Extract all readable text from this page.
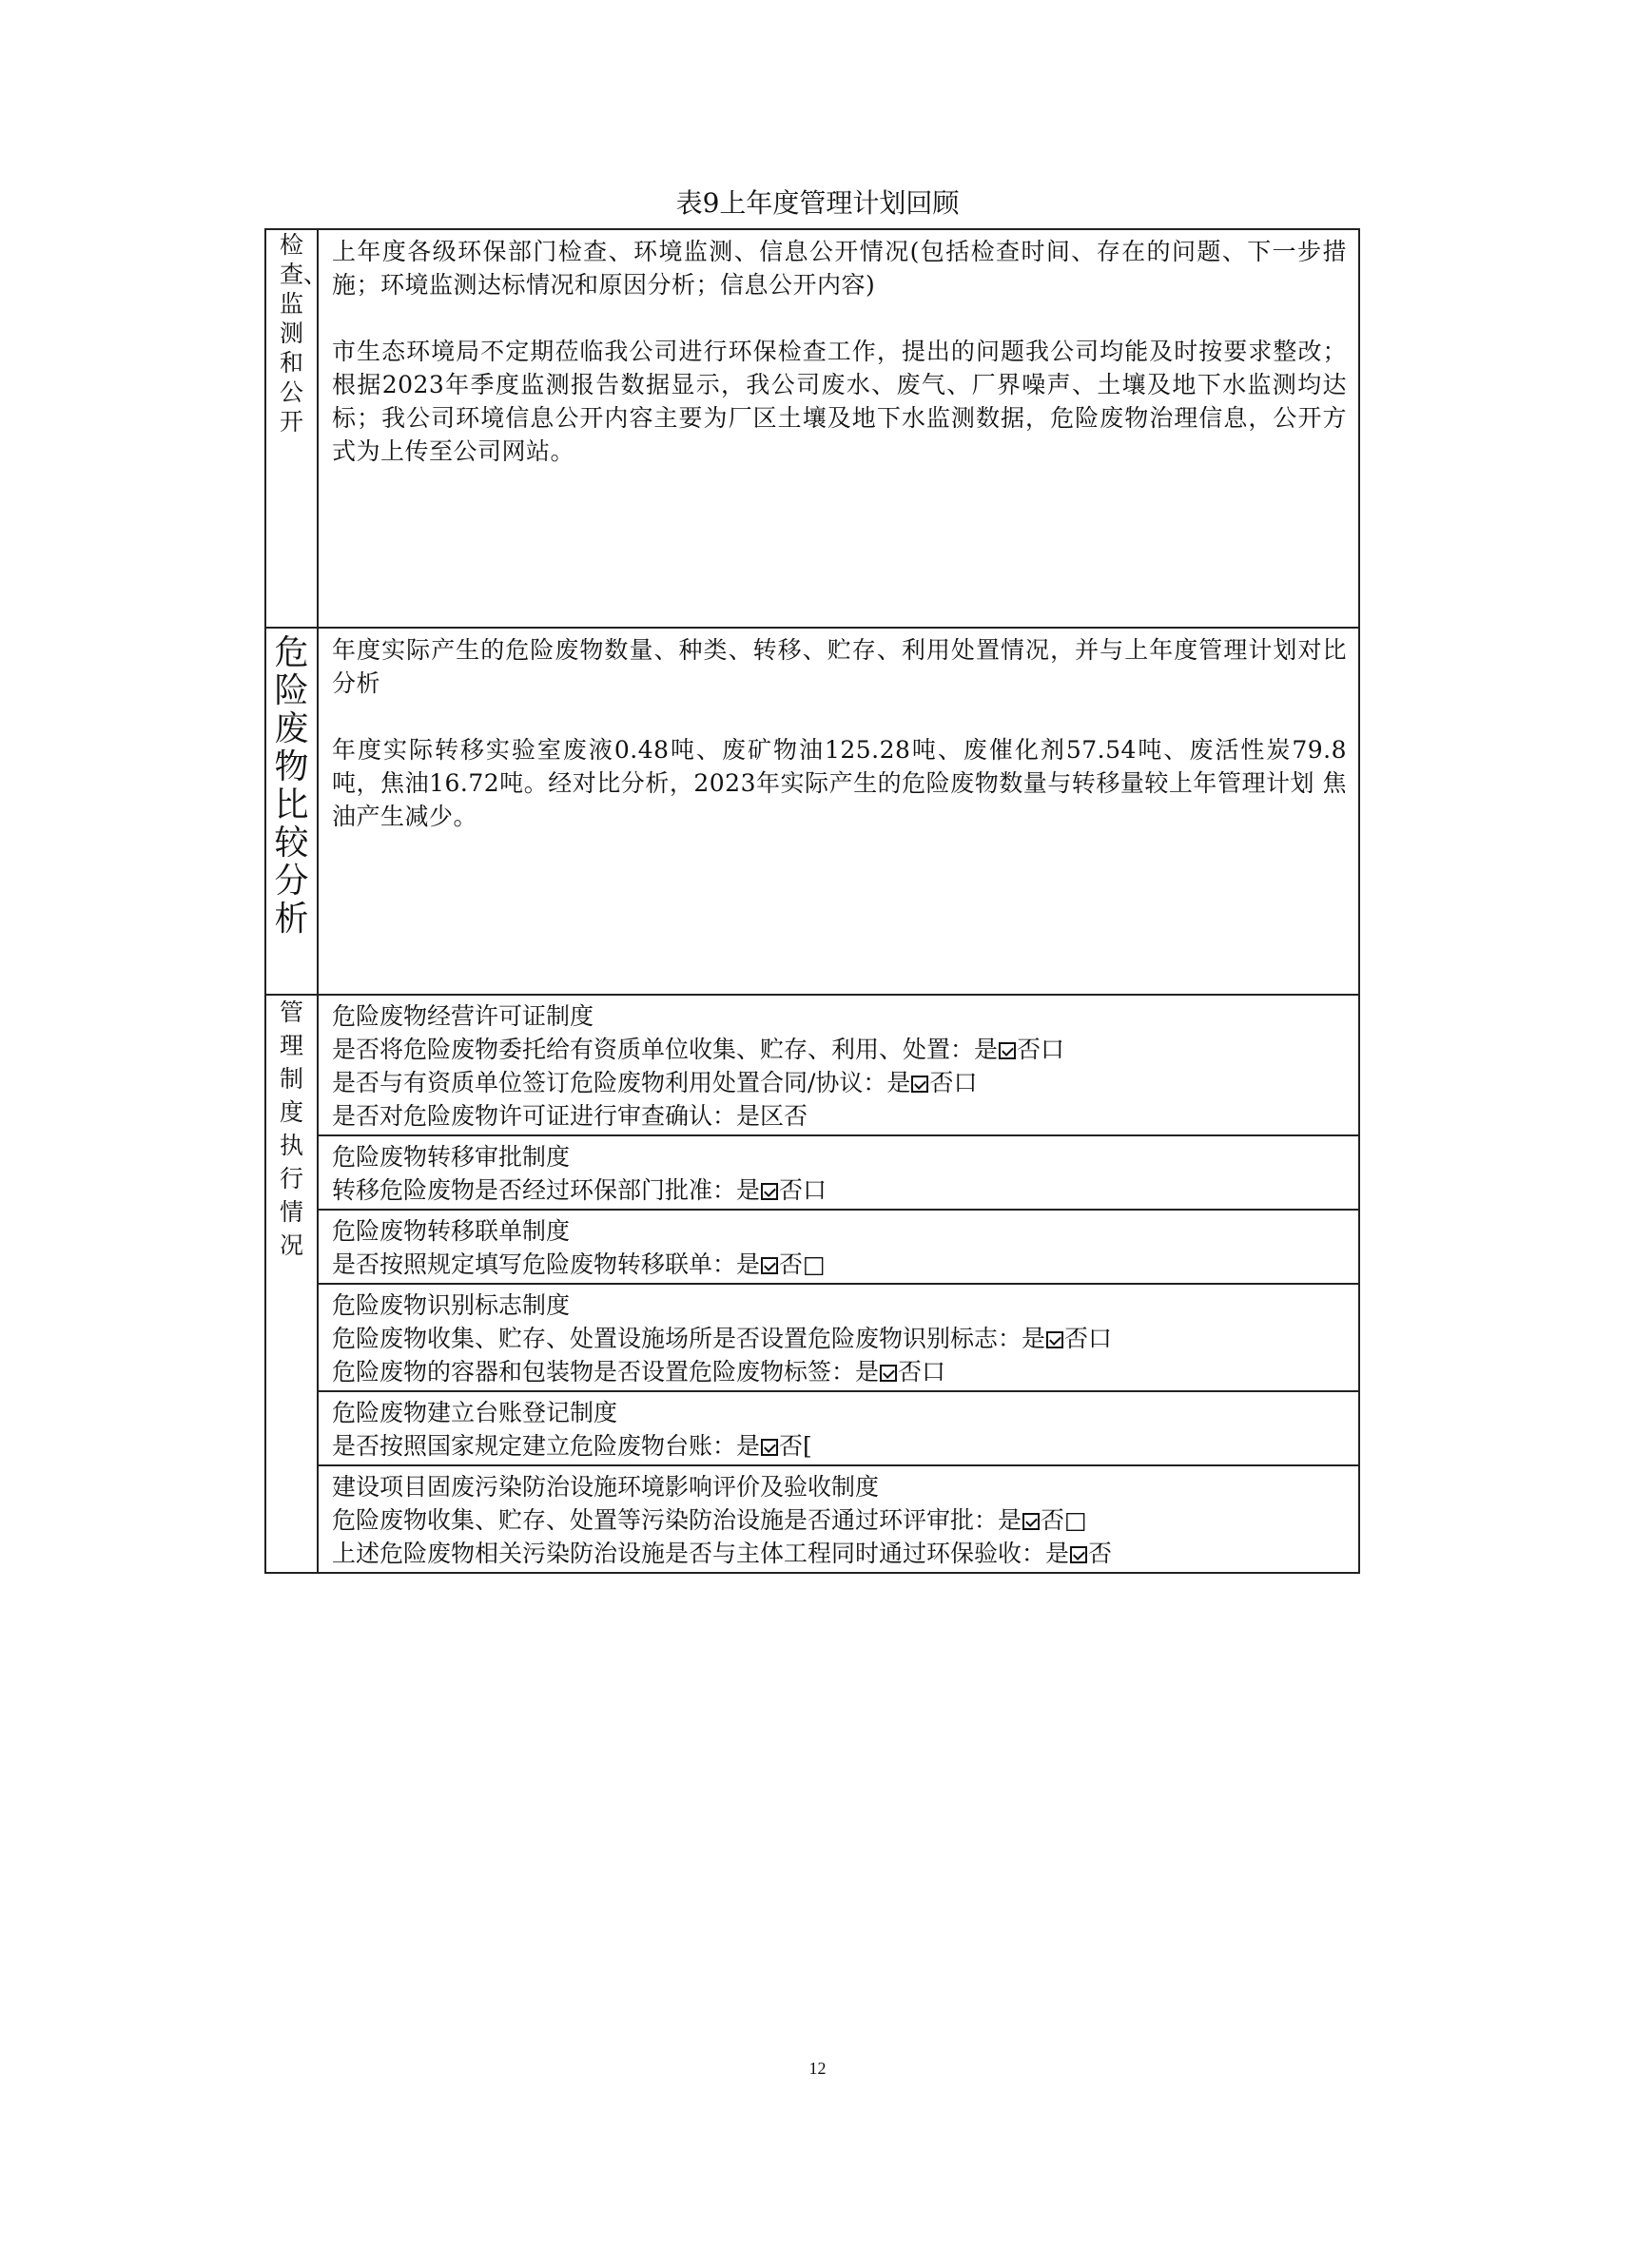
表9上年度管理计划回顾
检查、监测和公开	上年度各级环保部门检查、环境监测、信息公开情况(包括检查时间、存在的问题、下一步措施；环境监测达标情况和原因分析；信息公开内容)

市生态环境局不定期莅临我公司进行环保检查工作，提出的问题我公司均能及时按要求整改；根据2023年季度监测报告数据显示，我公司废水、废气、厂界噪声、土壤及地下水监测均达标；我公司环境信息公开内容主要为厂区土壤及地下水监测数据，危险废物治理信息，公开方式为上传至公司网站。

危险废物比较分析	年度实际产生的危险废物数量、种类、转移、贮存、利用处置情况，并与上年度管理计划对比分析

年度实际转移实验室废液0.48吨、废矿物油125.28吨、废催化剂57.54吨、废活性炭79.8吨，焦油16.72吨。经对比分析，2023年实际产生的危险废物数量与转移量较上年管理计划 焦油产生减少。

管理制度 执行情况	危险废物经营许可证制度

是否将危险废物委托给有资质单位收集、贮存、利用、处置：是 否口

是否与有资质单位签订危险废物利用处置合同/协议：是 否口

是否对危险废物许可证进行审查确认：是区否

	危险废物转移审批制度

转移危险废物是否经过环保部门批准：是 否口

	危险废物转移联单制度

是否按照规定填写危险废物转移联单：是 否□

	危险废物识别标志制度

危险废物收集、贮存、处置设施场所是否设置危险废物识别标志：是 否口

危险废物的容器和包装物是否设置危险废物标签：是 否口

	危险废物建立台账登记制度

是否按照国家规定建立危险废物台账：是 否[

	建设项目固废污染防治设施环境影响评价及验收制度

危险废物收集、贮存、处置等污染防治设施是否通过环评审批：是 否□

上述危险废物相关污染防治设施是否与主体工程同时通过环保验收：是 否

12
